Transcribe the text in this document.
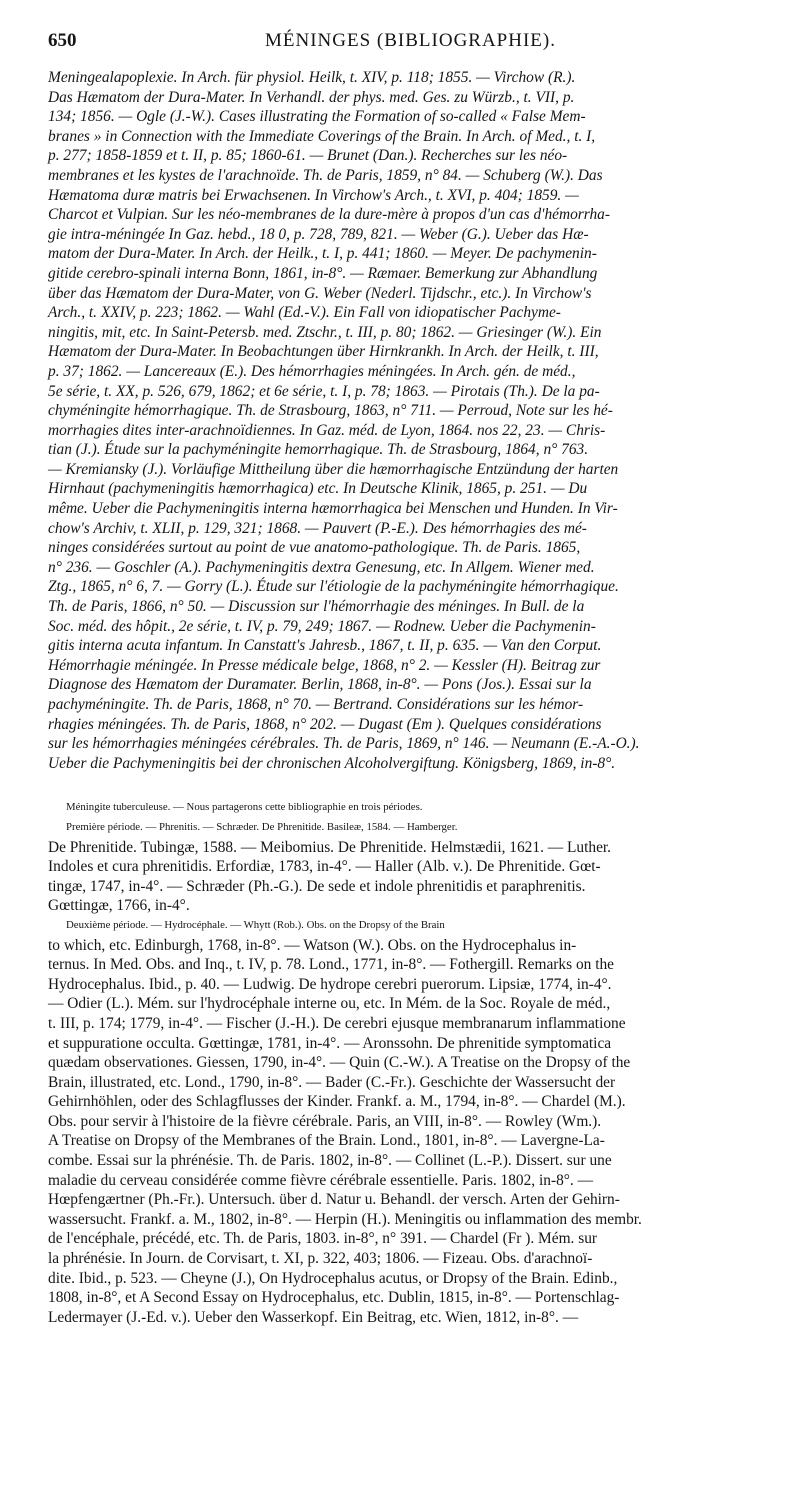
650	MÉNINGES (BIBLIOGRAPHIE).
Meningealapoplexie. In Arch. für physiol. Heilk, t. XIV, p. 118; 1855. — Virchow (R.).
Das Hæmatom der Dura-Mater. In Verhandl. der phys. med. Ges. zu Würzb., t. VII, p.
134; 1856. — Ogle (J.-W.). Cases illustrating the Formation of so-called « False Mem-
branes » in Connection with the Immediate Coverings of the Brain. In Arch. of Med., t. I,
p. 277; 1858-1859 et t. II, p. 85; 1860-61. — Brunet (Dan.). Recherches sur les néo-
membranes et les kystes de l'arachnoïde. Th. de Paris, 1859, n° 84. — Schuberg (W.). Das
Hæmatoma duræ matris bei Erwachsenen. In Virchow's Arch., t. XVI, p. 404; 1859. —
Charcot et Vulpian. Sur les néo-membranes de la dure-mère à propos d'un cas d'hémorrha-
gie intra-méningée In Gaz. hebd., 18 0, p. 728, 789, 821. — Weber (G.). Ueber das Hæ-
matom der Dura-Mater. In Arch. der Heilk., t. I, p. 441; 1860. — Meyer. De pachymenin-
gitide cerebro-spinali interna Bonn, 1861, in-8°. — Ræmaer. Bemerkung zur Abhandlung
über das Hæmatom der Dura-Mater, von G. Weber (Nederl. Tijdschr., etc.). In Virchow's
Arch., t. XXIV, p. 223; 1862. — Wahl (Ed.-V.). Ein Fall von idiopatischer Pachyme-
ningitis, mit, etc. In Saint-Petersb. med. Ztschr., t. III, p. 80; 1862. — Griesinger (W.). Ein
Hæmatom der Dura-Mater. In Beobachtungen über Hirnkrankh. In Arch. der Heilk, t. III,
p. 37; 1862. — Lancereaux (E.). Des hémorrhagies méningées. In Arch. gén. de méd.,
5e série, t. XX, p. 526, 679, 1862; et 6e série, t. I, p. 78; 1863. — Pirotais (Th.). De la pa-
chyméningite hémorrhagique. Th. de Strasbourg, 1863, n° 711. — Perroud, Note sur les hé-
morrhagies dites inter-arachnoïdiennes. In Gaz. méd. de Lyon, 1864. nos 22, 23. — Chris-
tian (J.). Étude sur la pachyméningite hemorrhagique. Th. de Strasbourg, 1864, n° 763.
— Kremiansky (J.). Vorläufige Mittheilung über die hæmorrhagische Entzündung der harten
Hirnhaut (pachymeningitis hæmorrhagica) etc. In Deutsche Klinik, 1865, p. 251. — Du
même. Ueber die Pachymeningitis interna hæmorrhagica bei Menschen und Hunden. In Vir-
chow's Archiv, t. XLII, p. 129, 321; 1868. — Pauvert (P.-E.). Des hémorrhagies des mé-
ninges considérées surtout au point de vue anatomo-pathologique. Th. de Paris. 1865,
n° 236. — Goschler (A.). Pachymeningitis dextra Genesung, etc. In Allgem. Wiener med.
Ztg., 1865, n° 6, 7. — Gorry (L.). Étude sur l'étiologie de la pachyméningite hémorrhagique.
Th. de Paris, 1866, n° 50. — Discussion sur l'hémorrhagie des méninges. In Bull. de la
Soc. méd. des hôpit., 2e série, t. IV, p. 79, 249; 1867. — Rodnew. Ueber die Pachymenin-
gitis interna acuta infantum. In Canstatt's Jahresb., 1867, t. II, p. 635. — Van den Corput.
Hémorrhagie méningée. In Presse médicale belge, 1868, n° 2. — Kessler (H). Beitrag zur
Diagnose des Hæmatom der Duramater. Berlin, 1868, in-8°. — Pons (Jos.). Essai sur la
pachyméningite. Th. de Paris, 1868, n° 70. — Bertrand. Considérations sur les hémor-
rhagies méningées. Th. de Paris, 1868, n° 202. — Dugast (Em ). Quelques considérations
sur les hémorrhagies méningées cérébrales. Th. de Paris, 1869, n° 146. — Neumann (E.-A.-O.).
Ueber die Pachymeningitis bei der chronischen Alcoholvergiftung. Königsberg, 1869, in-8°.
Méningite tuberculeuse. — Nous partagerons cette bibliographie en trois périodes.
Première période. — Phrenitis. — Schræder. De Phrenitide. Basileæ, 1584. — Hamberger.
De Phrenitide. Tubingæ, 1588. — Meibomius. De Phrenitide. Helmstædii, 1621. — Luther.
Indoles et cura phrenitidis. Erfordiæ, 1783, in-4°. — Haller (Alb. v.). De Phrenitide. Gœt-
tingæ, 1747, in-4°. — Schræder (Ph.-G.). De sede et indole phrenitidis et paraphrenitis.
Gœttingæ, 1766, in-4°.
Deuxième période. — Hydrocéphale. — Whytt (Rob.). Obs. on the Dropsy of the Brain
to which, etc. Edinburgh, 1768, in-8°. — Watson (W.). Obs. on the Hydrocephalus in-
ternus. In Med. Obs. and Inq., t. IV, p. 78. Lond., 1771, in-8°. — Fothergill. Remarks on the
Hydrocephalus. Ibid., p. 40. — Ludwig. De hydrope cerebri puerorum. Lipsiæ, 1774, in-4°.
— Odier (L.). Mém. sur l'hydrocéphale interne ou, etc. In Mém. de la Soc. Royale de méd.,
t. III, p. 174; 1779, in-4°. — Fischer (J.-H.). De cerebri ejusque membranarum inflammatione
et suppuratione occulta. Gœttingæ, 1781, in-4°. — Aronssohn. De phrenitide symptomatica
quædam observationes. Giessen, 1790, in-4°. — Quin (C.-W.). A Treatise on the Dropsy of the
Brain, illustrated, etc. Lond., 1790, in-8°. — Bader (C.-Fr.). Geschichte der Wassersucht der
Gehirnhöhlen, oder des Schlagflusses der Kinder. Frankf. a. M., 1794, in-8°. — Chardel (M.).
Obs. pour servir à l'histoire de la fièvre cérébrale. Paris, an VIII, in-8°. — Rowley (Wm.).
A Treatise on Dropsy of the Membranes of the Brain. Lond., 1801, in-8°. — Lavergne-La-
combe. Essai sur la phrénésie. Th. de Paris. 1802, in-8°. — Collinet (L.-P.). Dissert. sur une
maladie du cerveau considérée comme fièvre cérébrale essentielle. Paris. 1802, in-8°. —
Hœpfengærtner (Ph.-Fr.). Untersuch. über d. Natur u. Behandl. der versch. Arten der Gehirn-
wassersucht. Frankf. a. M., 1802, in-8°. — Herpin (H.). Meningitis ou inflammation des membr.
de l'encéphale, précédé, etc. Th. de Paris, 1803. in-8°, n° 391. — Chardel (Fr ). Mém. sur
la phrénésie. In Journ. de Corvisart, t. XI, p. 322, 403; 1806. — Fizeau. Obs. d'arachnoï-
dite. Ibid., p. 523. — Cheyne (J.), On Hydrocephalus acutus, or Dropsy of the Brain. Edinb.,
1808, in-8°, et A Second Essay on Hydrocephalus, etc. Dublin, 1815, in-8°. — Portenschlag-
Ledermayer (J.-Ed. v.). Ueber den Wasserkopf. Ein Beitrag, etc. Wien, 1812, in-8°. —
